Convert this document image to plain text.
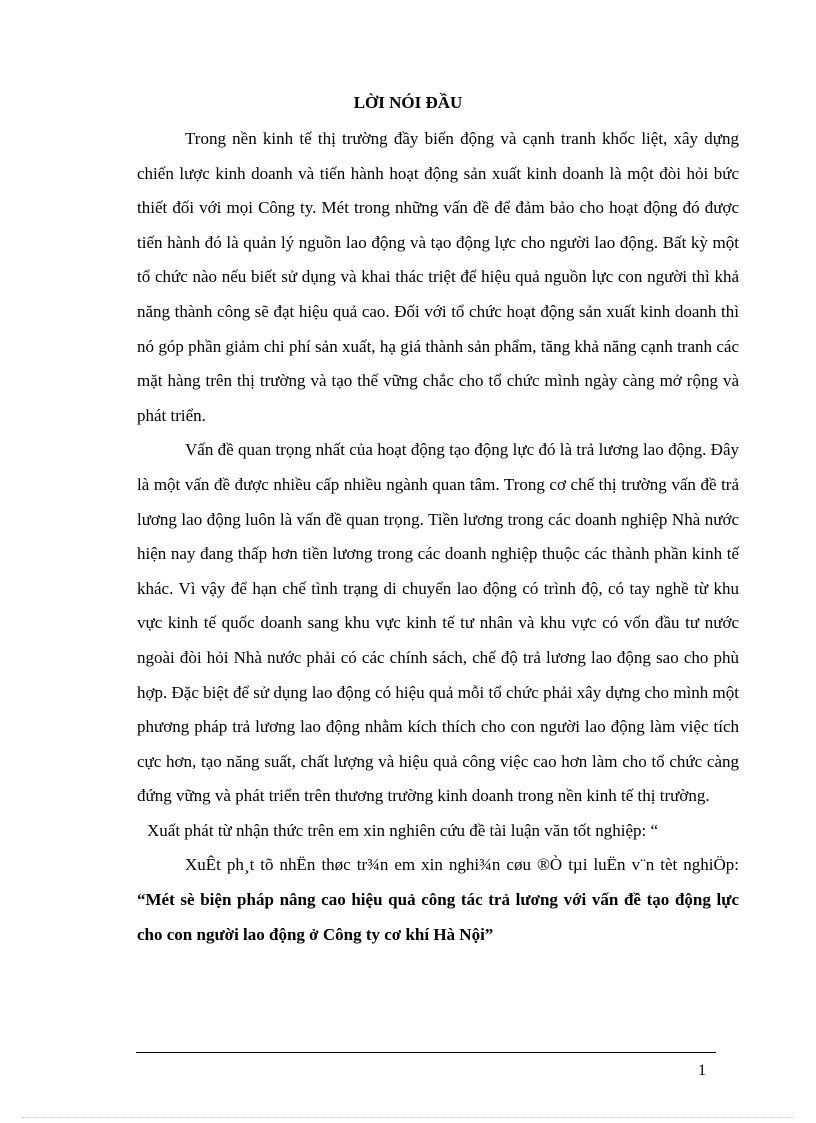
LỜI NÓI ĐẦU

Trong nền kinh tế thị trường đầy biến động và cạnh tranh khốc liệt, xây dựng chiến lược kinh doanh và tiến hành hoạt động sản xuất kinh doanh là một đòi hỏi bức thiết đối với mọi Công ty. Mét trong những vấn đề để đảm bảo cho hoạt động đó được tiến hành đó là quản lý nguồn lao động và tạo động lực cho người lao động. Bất kỳ một tổ chức nào nếu biết sử dụng và khai thác triệt để hiệu quả nguồn lực con người thì khả năng thành công sẽ đạt hiệu quả cao. Đối với tổ chức hoạt động sản xuất kinh doanh thì nó góp phần giảm chi phí sản xuất, hạ giá thành sản phẩm, tăng khả năng cạnh tranh các mặt hàng trên thị trường và tạo thế vững chắc cho tổ chức mình ngày càng mở rộng và phát triển.

Vấn đề quan trọng nhất của hoạt động tạo động lực đó là trả lương lao động. Đây là một vấn đề được nhiều cấp nhiều ngành quan tâm. Trong cơ chế thị trường vấn đề trả lương lao động luôn là vấn đề quan trọng. Tiền lương trong các doanh nghiệp Nhà nước hiện nay đang thấp hơn tiền lương trong các doanh nghiệp thuộc các thành phần kinh tế khác. Vì vậy để hạn chế tình trạng di chuyển lao động có trình độ, có tay nghề từ khu vực kinh tế quốc doanh sang khu vực kinh tế tư nhân và khu vực có vốn đầu tư nước ngoài đòi hỏi Nhà nước phải có các chính sách, chế độ trả lương lao động sao cho phù hợp. Đặc biệt để sử dụng lao động có hiệu quả mỗi tổ chức phải xây dựng cho mình một phương pháp trả lương lao động nhằm kích thích cho con người lao động làm việc tích cực hơn, tạo năng suất, chất lượng và hiệu quả công việc cao hơn làm cho tổ chức càng đứng vững và phát triển trên thương trường kinh doanh trong nền kinh tế thị trường.

Xuất phát từ nhận thức trên em xin nghiên cứu đề tài luận văn tốt nghiệp: “

XuÊt ph¸t tõ nhËn thøc tr¾n em xin nghi¾n cøu ®Ò tµi luËn v¨n tèt nghiÖp: “Mét sè biện pháp nâng cao hiệu quả công tác trả lương với vấn đề tạo động lực cho con người lao động ở Công ty cơ khí Hà Nội”

1
